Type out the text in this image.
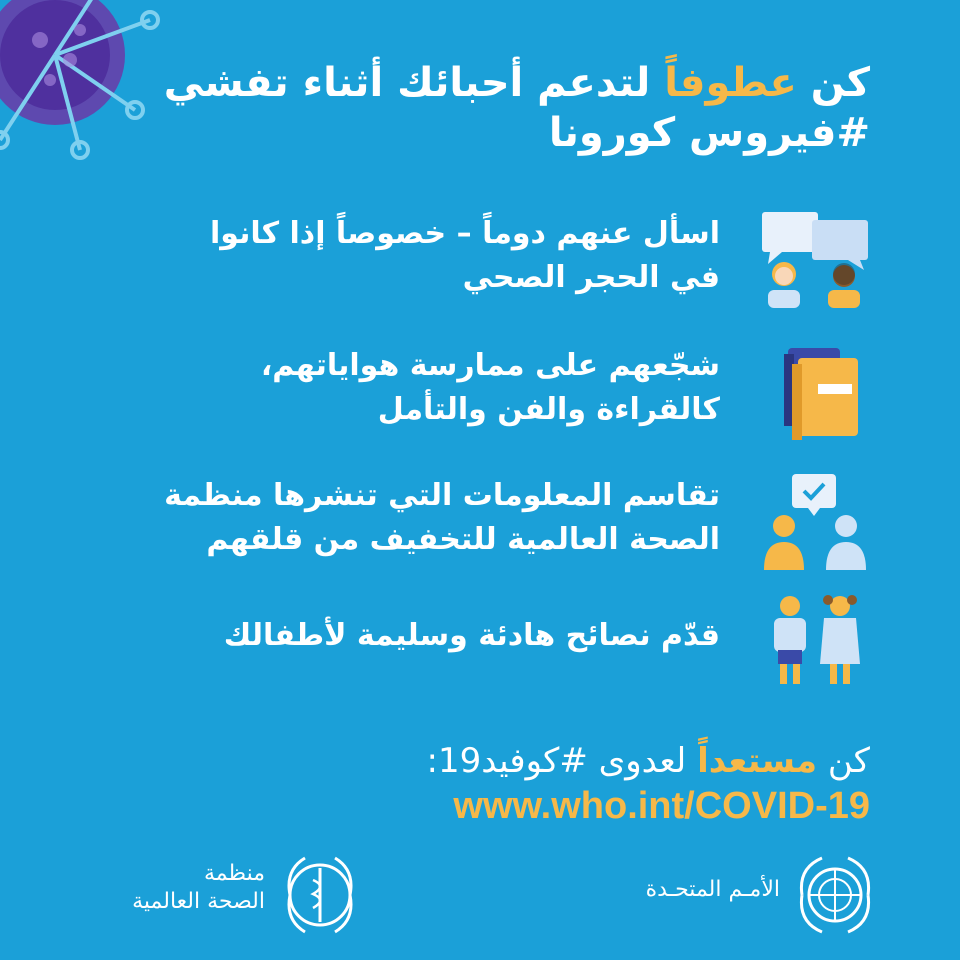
كن عطوفاً لتدعم أحبائك أثناء تفشي
#فيروس كورونا
اسأل عنهم دوماً – خصوصاً إذا كانوا
في الحجر الصحي
شجّعهم على ممارسة هواياتهم،
كالقراءة والفن والتأمل
تقاسم المعلومات التي تنشرها منظمة
الصحة العالمية للتخفيف من قلقهم
قدّم نصائح هادئة وسليمة لأطفالك
كن مستعداً لعدوى #كوفيد19:
www.who.int/COVID-19
منظمة
الصحة العالمية	الأمـم المتحـدة
